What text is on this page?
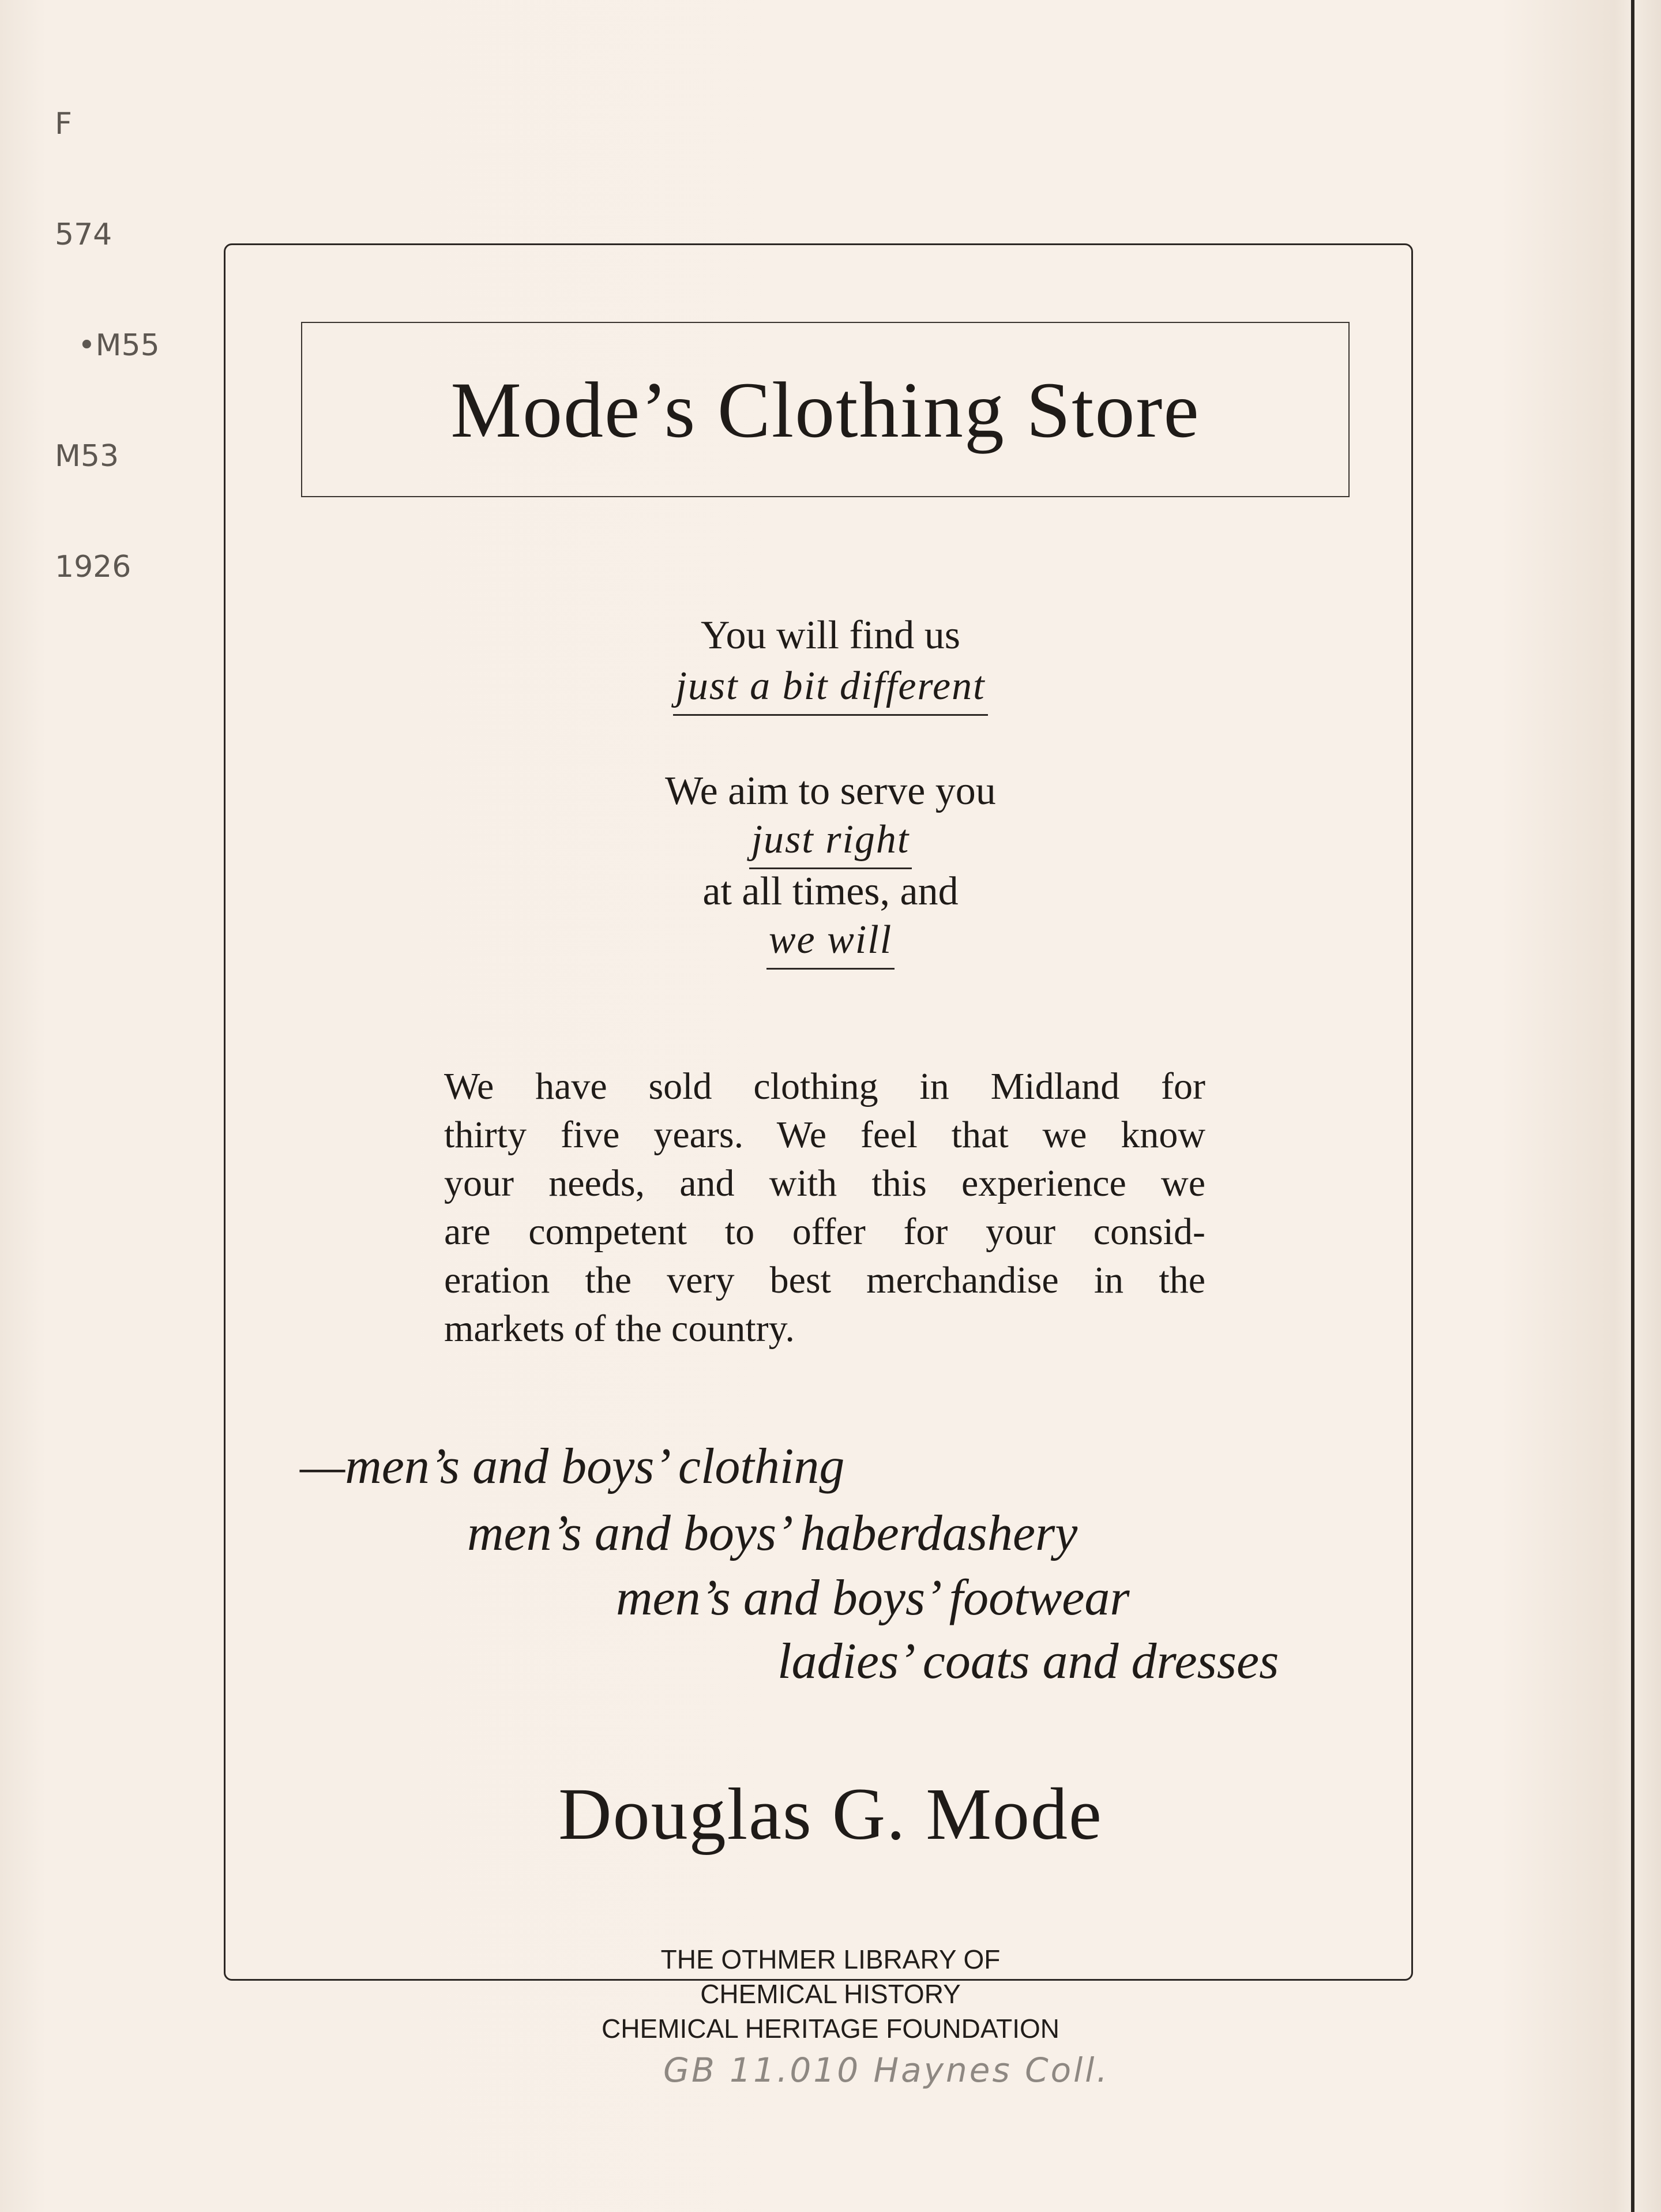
F

574

•M55

M53

1926

Mode’s Clothing Store
You will find us
just a bit different
We aim to serve you
just right
at all times, and
we will
We have sold clothing in Midland for
thirty five years. We feel that we know
your needs, and with this experience we
are competent to offer for your consid-
eration the very best merchandise in the
markets of the country.
—men’s and boys’ clothing
men’s and boys’ haberdashery
men’s and boys’ footwear
ladies’ coats and dresses
Douglas G. Mode
THE OTHMER LIBRARY OF
CHEMICAL HISTORY
CHEMICAL HERITAGE FOUNDATION
GB 11.010 Haynes Coll.
